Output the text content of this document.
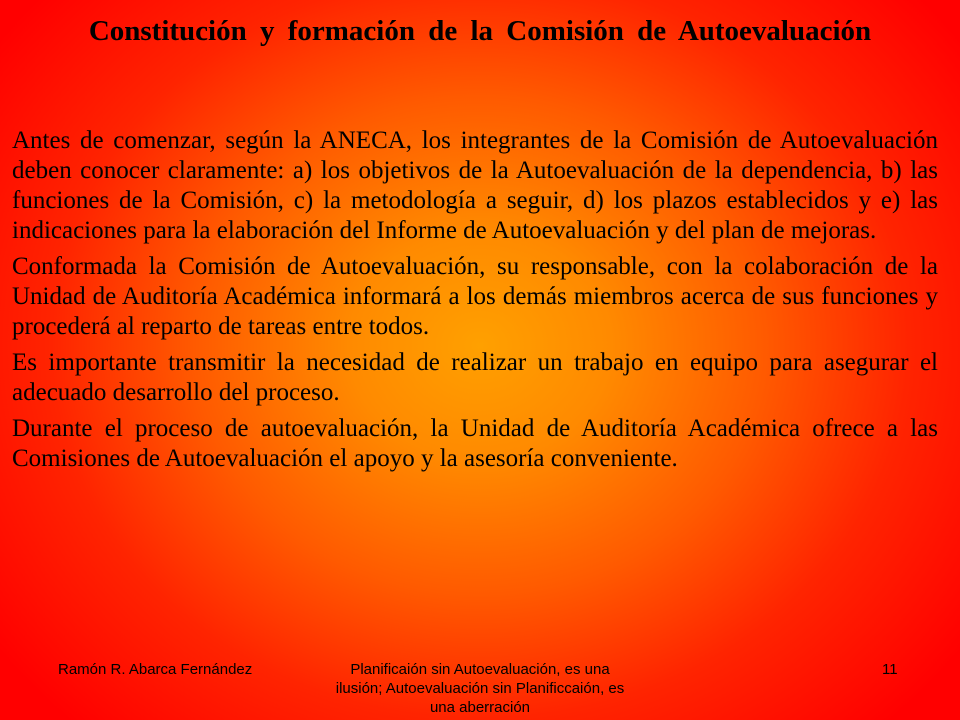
Constitución y formación de la Comisión de Autoevaluación

Antes de comenzar, según la ANECA, los integrantes de la Comisión de Autoevaluación deben conocer claramente: a) los objetivos de la Autoevaluación de la dependencia, b) las funciones de la Comisión, c) la metodología a seguir, d) los plazos establecidos y e) las indicaciones para la elaboración del Informe de Autoevaluación y del plan de mejoras.

Conformada la Comisión de Autoevaluación, su responsable, con la colaboración de la Unidad de Auditoría Académica informará a los demás miembros acerca de sus funciones y procederá al reparto de tareas entre todos.

Es importante transmitir la necesidad de realizar un trabajo en equipo para asegurar el adecuado desarrollo del proceso.

Durante el proceso de autoevaluación, la Unidad de Auditoría Académica ofrece a las Comisiones de Autoevaluación el apoyo y la asesoría conveniente.

Ramón R. Abarca Fernández	Planificaión sin Autoevaluación, es una ilusión; Autoevaluación sin Planificcaión, es una aberración
11
